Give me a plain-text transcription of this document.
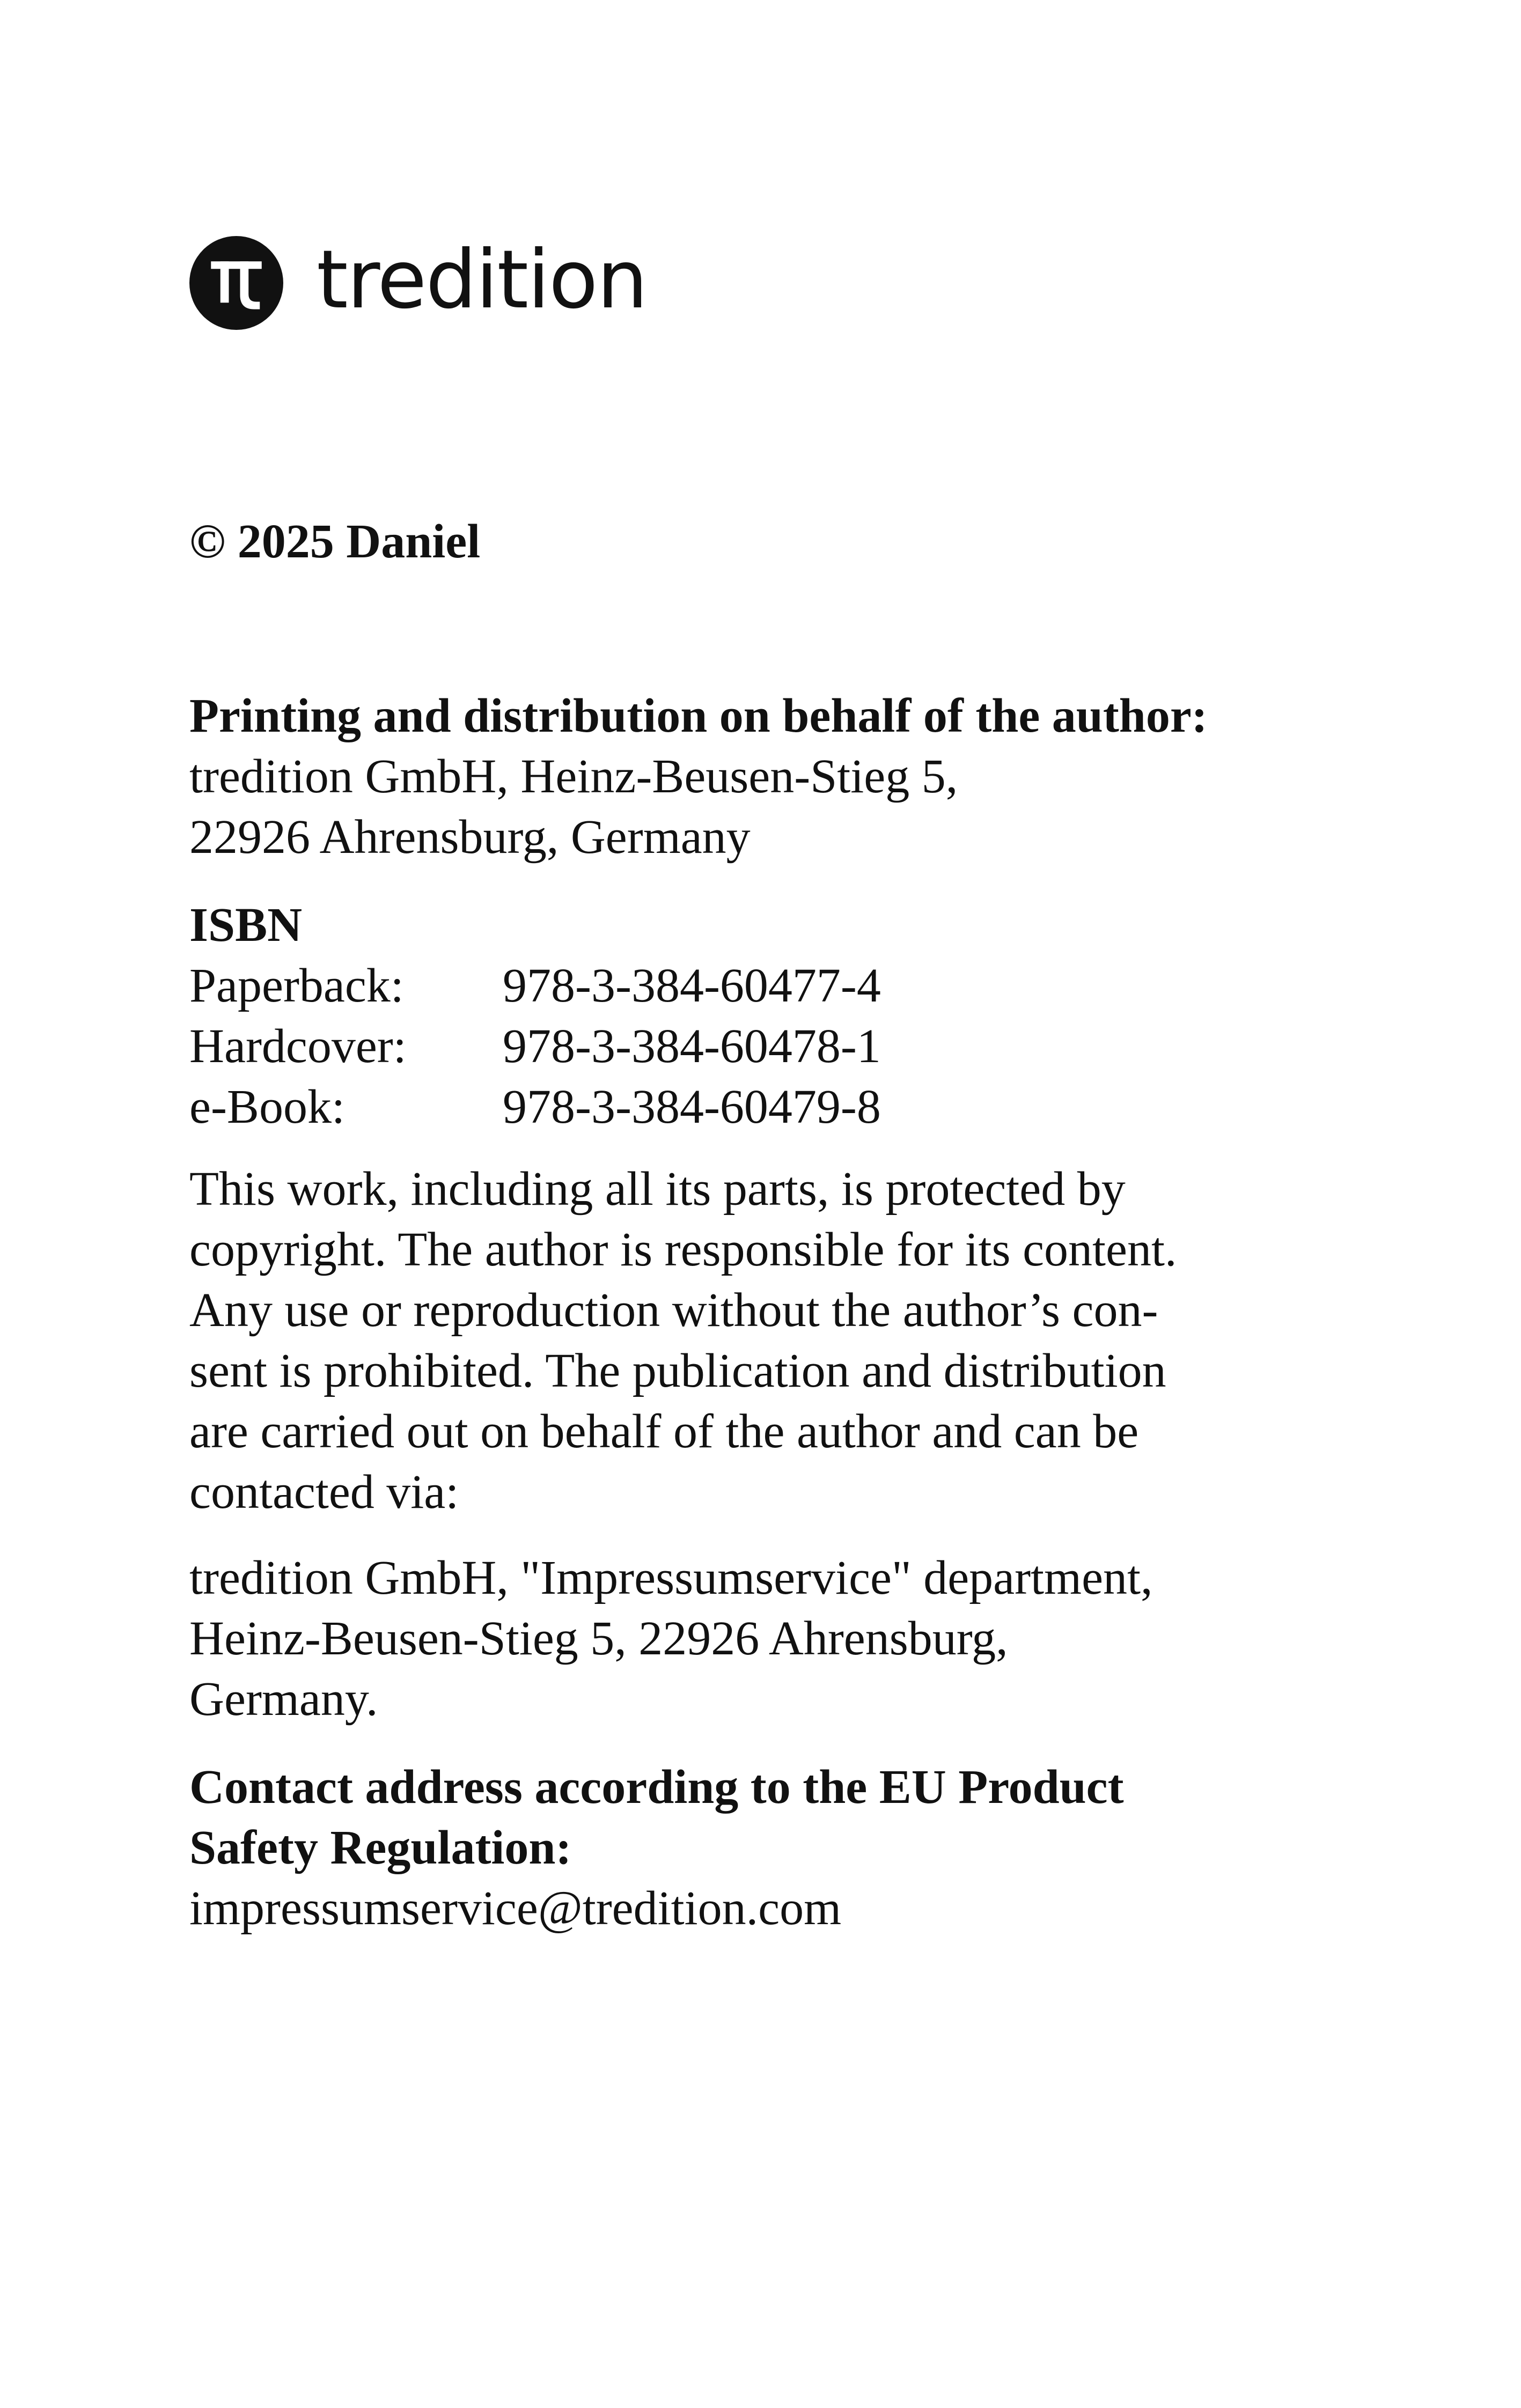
tredition
© 2025 Daniel
Printing and distribution on behalf of the author:
tredition GmbH, Heinz-Beusen-Stieg 5,
22926 Ahrensburg, Germany
ISBN
Paperback:	978-3-384-60477-4
Hardcover:	978-3-384-60478-1
e-Book:	978-3-384-60479-8
This work, including all its parts, is protected by
copyright. The author is responsible for its content.
Any use or reproduction without the author’s con-
sent is prohibited. The publication and distribution
are carried out on behalf of the author and can be
contacted via:
tredition GmbH, "Impressumservice" department,
Heinz-Beusen-Stieg 5, 22926 Ahrensburg,
Germany.
Contact address according to the EU Product
Safety Regulation:
impressumservice@tredition.com
